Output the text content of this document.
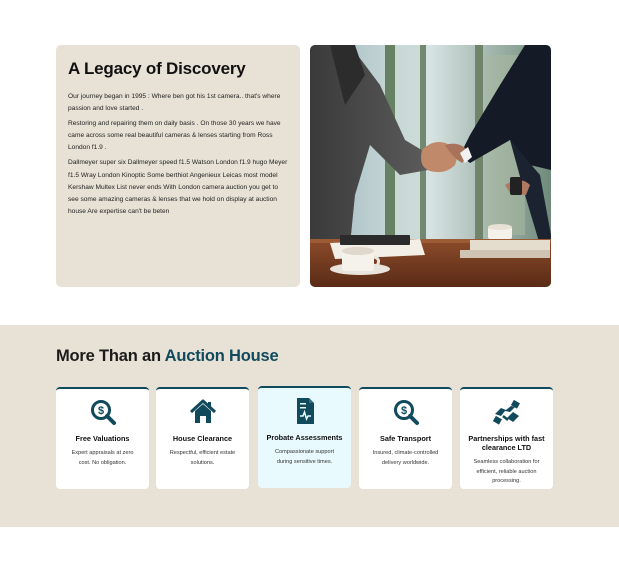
A Legacy of Discovery

Our journey began in 1995 : Where ben got his 1st camera.. that's where passion and love started .

Restoring and repairing them on daily basis . On those 30 years we have came across some real beautiful cameras & lenses starting from Ross London f1.9 .

Dallmeyer super six Dallmeyer speed f1.5 Watson London f1.9 hugo Meyer f1.5 Wray London Kinoptic Some berthiot Angenieux Leicas most model Kershaw Multex List never ends With London camera auction you get to see some amazing cameras & lenses that we hold on display at auction house Are expertise can't be beten

More Than an Auction House
$
Free Valuations
Expert appraisals at zero cost. No obligation.
House Clearance
Respectful, efficient estate solutions.
Probate Assessments
Compassionate support during sensitive times.
$
Safe Transport
Insured, climate-controlled delivery worldwide.
Partnerships with fast clearance LTD
Seamless collaboration for efficient, reliable auction processing.
